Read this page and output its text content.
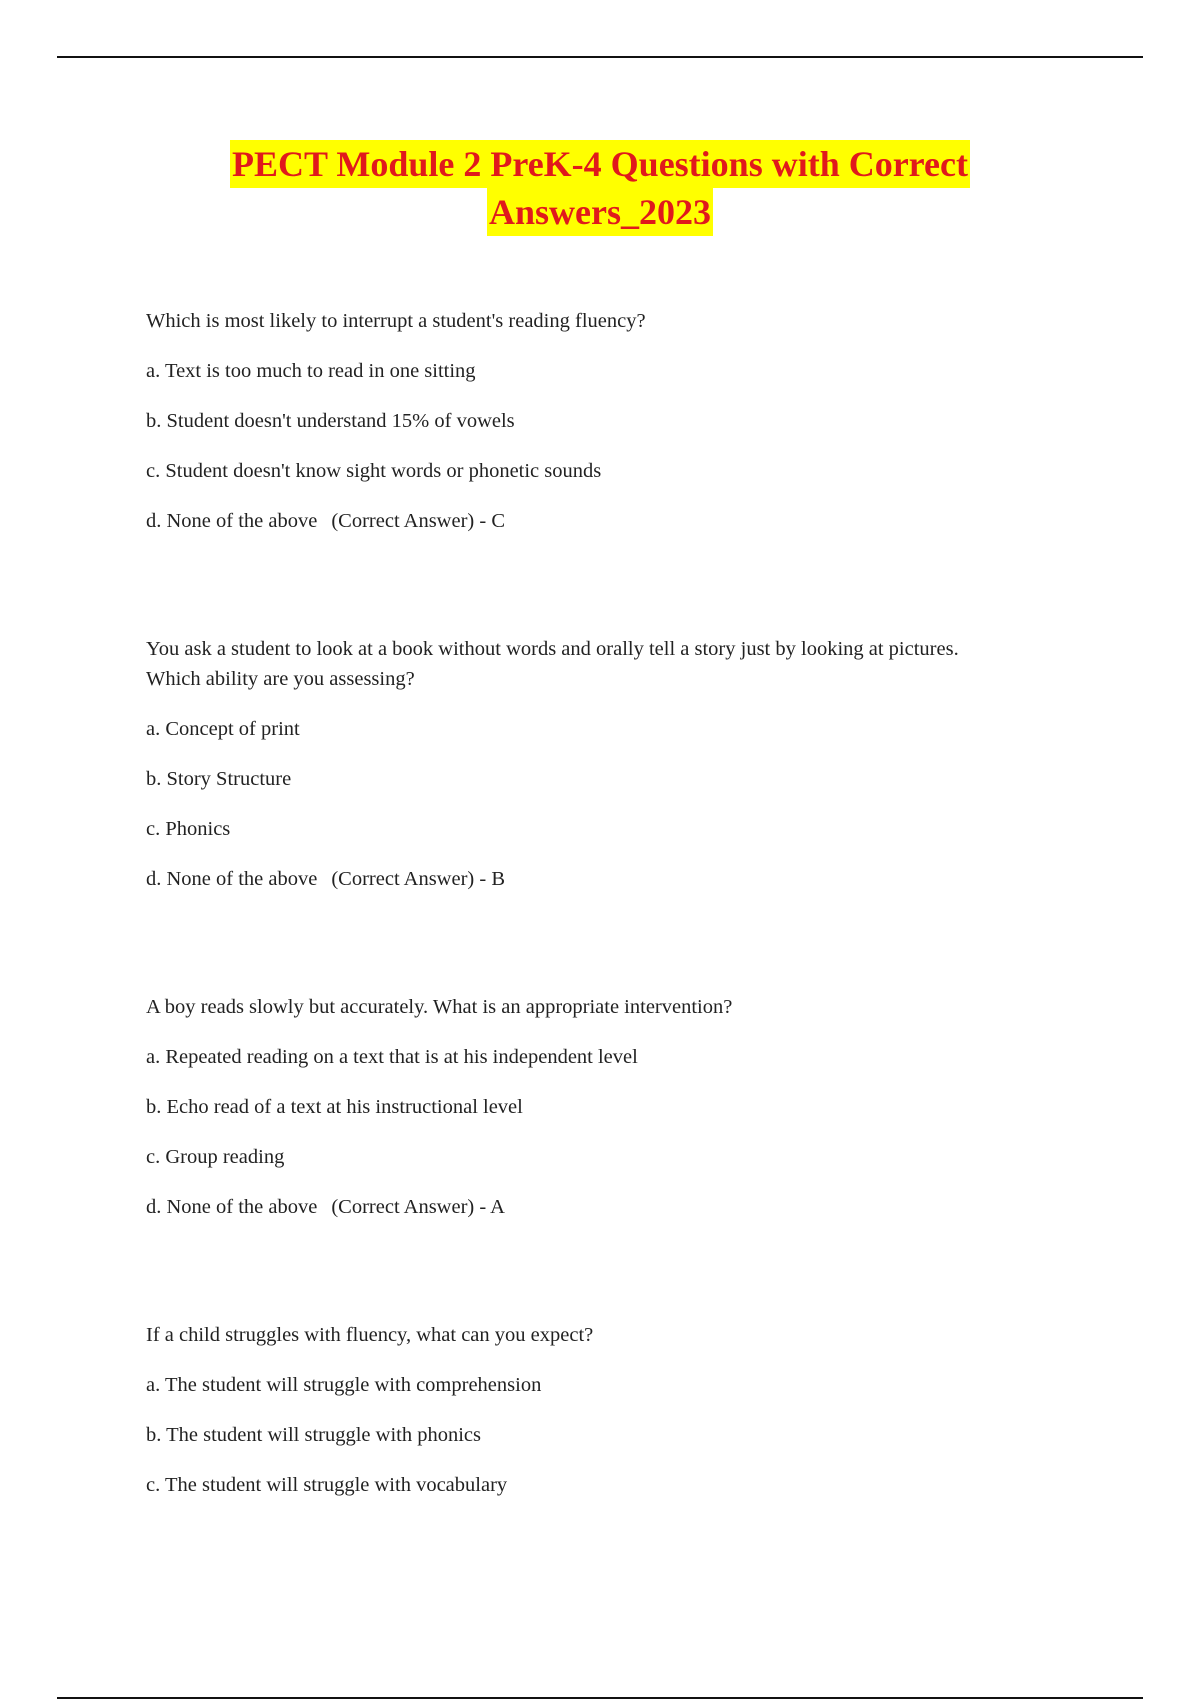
PECT Module 2 PreK-4 Questions with Correct
Answers_2023

Which is most likely to interrupt a student's reading fluency?

a. Text is too much to read in one sitting

b. Student doesn't understand 15% of vowels

c. Student doesn't know sight words or phonetic sounds

d. None of the above (Correct Answer) - C

You ask a student to look at a book without words and orally tell a story just by looking at pictures.
Which ability are you assessing?

a. Concept of print

b. Story Structure

c. Phonics

d. None of the above (Correct Answer) - B

A boy reads slowly but accurately. What is an appropriate intervention?

a. Repeated reading on a text that is at his independent level

b. Echo read of a text at his instructional level

c. Group reading

d. None of the above (Correct Answer) - A

If a child struggles with fluency, what can you expect?

a. The student will struggle with comprehension

b. The student will struggle with phonics

c. The student will struggle with vocabulary
